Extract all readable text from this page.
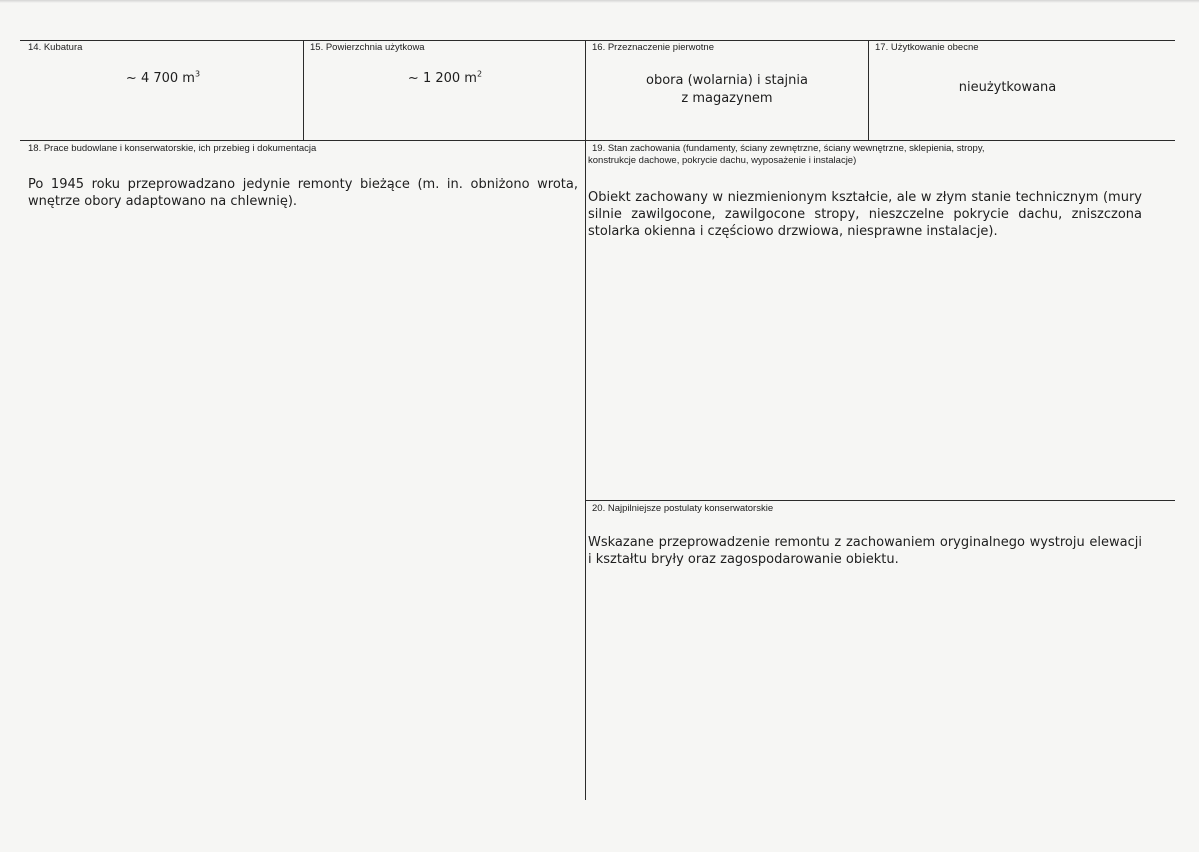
14. Kubatura
~ 4 700 $m^3$
15. Powierzchnia użytkowa
~ 1 200 $m^2$
16. Przeznaczenie pierwotne
obora (wolarnia) i stajnia
z magazynem
17. Użytkowanie obecne
nieużytkowana
18. Prace budowlane i konserwatorskie, ich przebieg i dokumentacja
Po 1945 roku przeprowadzano jedynie remonty bieżące (m. in. obniżono wrota, wnętrze obory adaptowano na chlewnię).
19. Stan zachowania (fundamenty, ściany zewnętrzne, ściany wewnętrzne, sklepienia, stropy,
konstrukcje dachowe, pokrycie dachu, wyposażenie i instalacje)
Obiekt zachowany w niezmienionym kształcie, ale w złym stanie technicznym (mury silnie zawilgocone, zawilgocone stropy, nieszczelne pokrycie dachu, zniszczona stolarka okienna i częściowo drzwiowa, niesprawne instalacje).
20. Najpilniejsze postulaty konserwatorskie
Wskazane przeprowadzenie remontu z zachowaniem oryginalnego wystroju elewacji i kształtu bryły oraz zagospodarowanie obiektu.
